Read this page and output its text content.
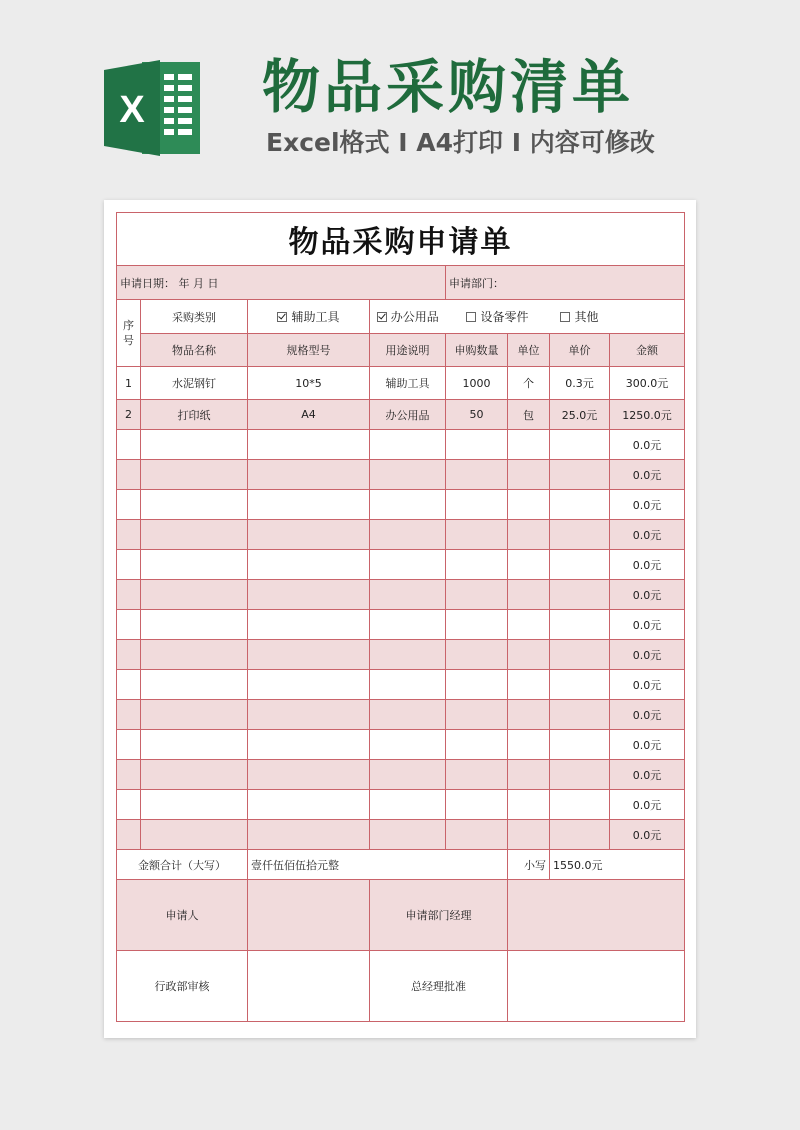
X 物品采购清单
Excel格式 I A4打印 I 内容可修改
物品采购申请单							
申请日期： 年 月 日				申请部门：			
序号	采购类别	辅助工具	办公用品	设备零件		其他	
	物品名称	规格型号	用途说明	申购数量	单位	单价	金额
1	水泥钢钉	10*5	辅助工具	1000	个	0.3元	300.0元
2	打印纸	A4	办公用品	50	包	25.0元	1250.0元
							0.0元
							0.0元
							0.0元
							0.0元
							0.0元
							0.0元
							0.0元
							0.0元
							0.0元
							0.0元
							0.0元
							0.0元
							0.0元
							0.0元
金额合计（大写）		壹仟伍佰伍拾元整			小写	1550.0元	
申请人			申请部门经理				
行政部审核			总经理批准				
